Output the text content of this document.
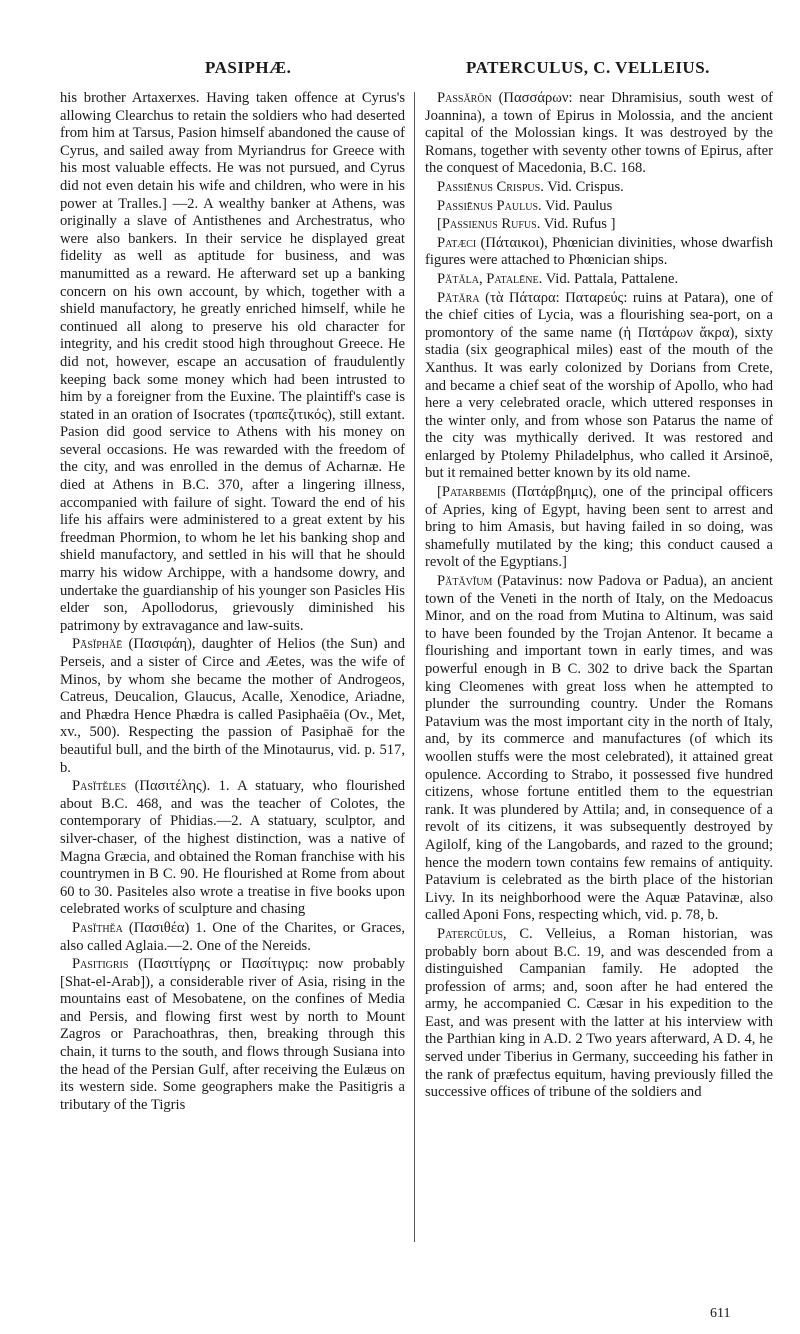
PASIPHÆ.	PATERCULUS, C. VELLEIUS.

his brother Artaxerxes. Having taken offence at Cyrus's allowing Clearchus to retain the soldiers who had deserted from him at Tarsus, Pasion himself abandoned the cause of Cyrus, and sailed away from Myriandrus for Greece with his most valuable effects. He was not pursued, and Cyrus did not even detain his wife and children, who were in his power at Tralles.] —2. A wealthy banker at Athens, was originally a slave of Antisthenes and Archestratus, who were also bankers. In their service he displayed great fidelity as well as aptitude for business, and was manumitted as a reward. He afterward set up a banking concern on his own account, by which, together with a shield manufactory, he greatly enriched himself, while he continued all along to preserve his old character for integrity, and his credit stood high throughout Greece. He did not, however, escape an accusation of fraudulently keeping back some money which had been intrusted to him by a foreigner from the Euxine. The plaintiff's case is stated in an oration of Isocrates (τραπεζιτικός), still extant. Pasion did good service to Athens with his money on several occasions. He was rewarded with the freedom of the city, and was enrolled in the demus of Acharnæ. He died at Athens in B.C. 370, after a lingering illness, accompanied with failure of sight. Toward the end of his life his affairs were administered to a great extent by his freedman Phormion, to whom he let his banking shop and shield manufactory, and settled in his will that he should marry his widow Archippe, with a handsome dowry, and undertake the guardianship of his younger son Pasicles His elder son, Apollodorus, grievously diminished his patrimony by extravagance and law-suits.

Pāsĭphăē (Πασιφάη), daughter of Helios (the Sun) and Perseis, and a sister of Circe and Æetes, was the wife of Minos, by whom she became the mother of Androgeos, Catreus, Deucalion, Glaucus, Acalle, Xenodice, Ariadne, and Phædra Hence Phædra is called Pasiphaēia (Ov., Met, xv., 500). Respecting the passion of Pasiphaē for the beautiful bull, and the birth of the Minotaurus, vid. p. 517, b.

Pasĭtĕles (Πασιτέλης). 1. A statuary, who flourished about B.C. 468, and was the teacher of Colotes, the contemporary of Phidias.—2. A statuary, sculptor, and silver-chaser, of the highest distinction, was a native of Magna Græcia, and obtained the Roman franchise with his countrymen in B C. 90. He flourished at Rome from about 60 to 30. Pasiteles also wrote a treatise in five books upon celebrated works of sculpture and chasing

Pasĭthĕa (Πασιθέα) 1. One of the Charites, or Graces, also called Aglaia.—2. One of the Nereids.

Pasitigris (Πασιτίγρης or Πασίτιγρις: now probably [Shat-el-Arab]), a considerable river of Asia, rising in the mountains east of Mesobatene, on the confines of Media and Persis, and flowing first west by north to Mount Zagros or Parachoathras, then, breaking through this chain, it turns to the south, and flows through Susiana into the head of the Persian Gulf, after receiving the Eulæus on its western side. Some geographers make the Pasitigris a tributary of the Tigris

Passărōn (Πασσάρων: near Dhramisius, south west of Joannina), a town of Epirus in Molossia, and the ancient capital of the Molossian kings. It was destroyed by the Romans, together with seventy other towns of Epirus, after the conquest of Macedonia, B.C. 168.

Passiēnus Crispus. Vid. Crispus.

Passiēnus Paulus. Vid. Paulus

[Passienus Rufus. Vid. Rufus ]

Patæci (Πάταικοι), Phœnician divinities, whose dwarfish figures were attached to Phœnician ships.

Pătăla, Patalēne. Vid. Pattala, Pattalene.

Pătăra (τὰ Πάταρα: Παταρεύς: ruins at Patara), one of the chief cities of Lycia, was a flourishing sea-port, on a promontory of the same name (ἡ Πατάρων ἄκρα), sixty stadia (six geographical miles) east of the mouth of the Xanthus. It was early colonized by Dorians from Crete, and became a chief seat of the worship of Apollo, who had here a very celebrated oracle, which uttered responses in the winter only, and from whose son Patarus the name of the city was mythically derived. It was restored and enlarged by Ptolemy Philadelphus, who called it Arsinoē, but it remained better known by its old name.

[Patarbemis (Πατάρβημις), one of the principal officers of Apries, king of Egypt, having been sent to arrest and bring to him Amasis, but having failed in so doing, was shamefully mutilated by the king; this conduct caused a revolt of the Egyptians.]

Pătăvĭum (Patavinus: now Padova or Padua), an ancient town of the Veneti in the north of Italy, on the Medoacus Minor, and on the road from Mutina to Altinum, was said to have been founded by the Trojan Antenor. It became a flourishing and important town in early times, and was powerful enough in B C. 302 to drive back the Spartan king Cleomenes with great loss when he attempted to plunder the surrounding country. Under the Romans Patavium was the most important city in the north of Italy, and, by its commerce and manufactures (of which its woollen stuffs were the most celebrated), it attained great opulence. According to Strabo, it possessed five hundred citizens, whose fortune entitled them to the equestrian rank. It was plundered by Attila; and, in consequence of a revolt of its citizens, it was subsequently destroyed by Agilolf, king of the Langobards, and razed to the ground; hence the modern town contains few remains of antiquity. Patavium is celebrated as the birth place of the historian Livy. In its neighborhood were the Aquæ Patavinæ, also called Aponi Fons, respecting which, vid. p. 78, b.

Patercŭlus, C. Velleius, a Roman historian, was probably born about B.C. 19, and was descended from a distinguished Campanian family. He adopted the profession of arms; and, soon after he had entered the army, he accompanied C. Cæsar in his expedition to the East, and was present with the latter at his interview with the Parthian king in A.D. 2 Two years afterward, A D. 4, he served under Tiberius in Germany, succeeding his father in the rank of præfectus equitum, having previously filled the successive offices of tribune of the soldiers and

611
